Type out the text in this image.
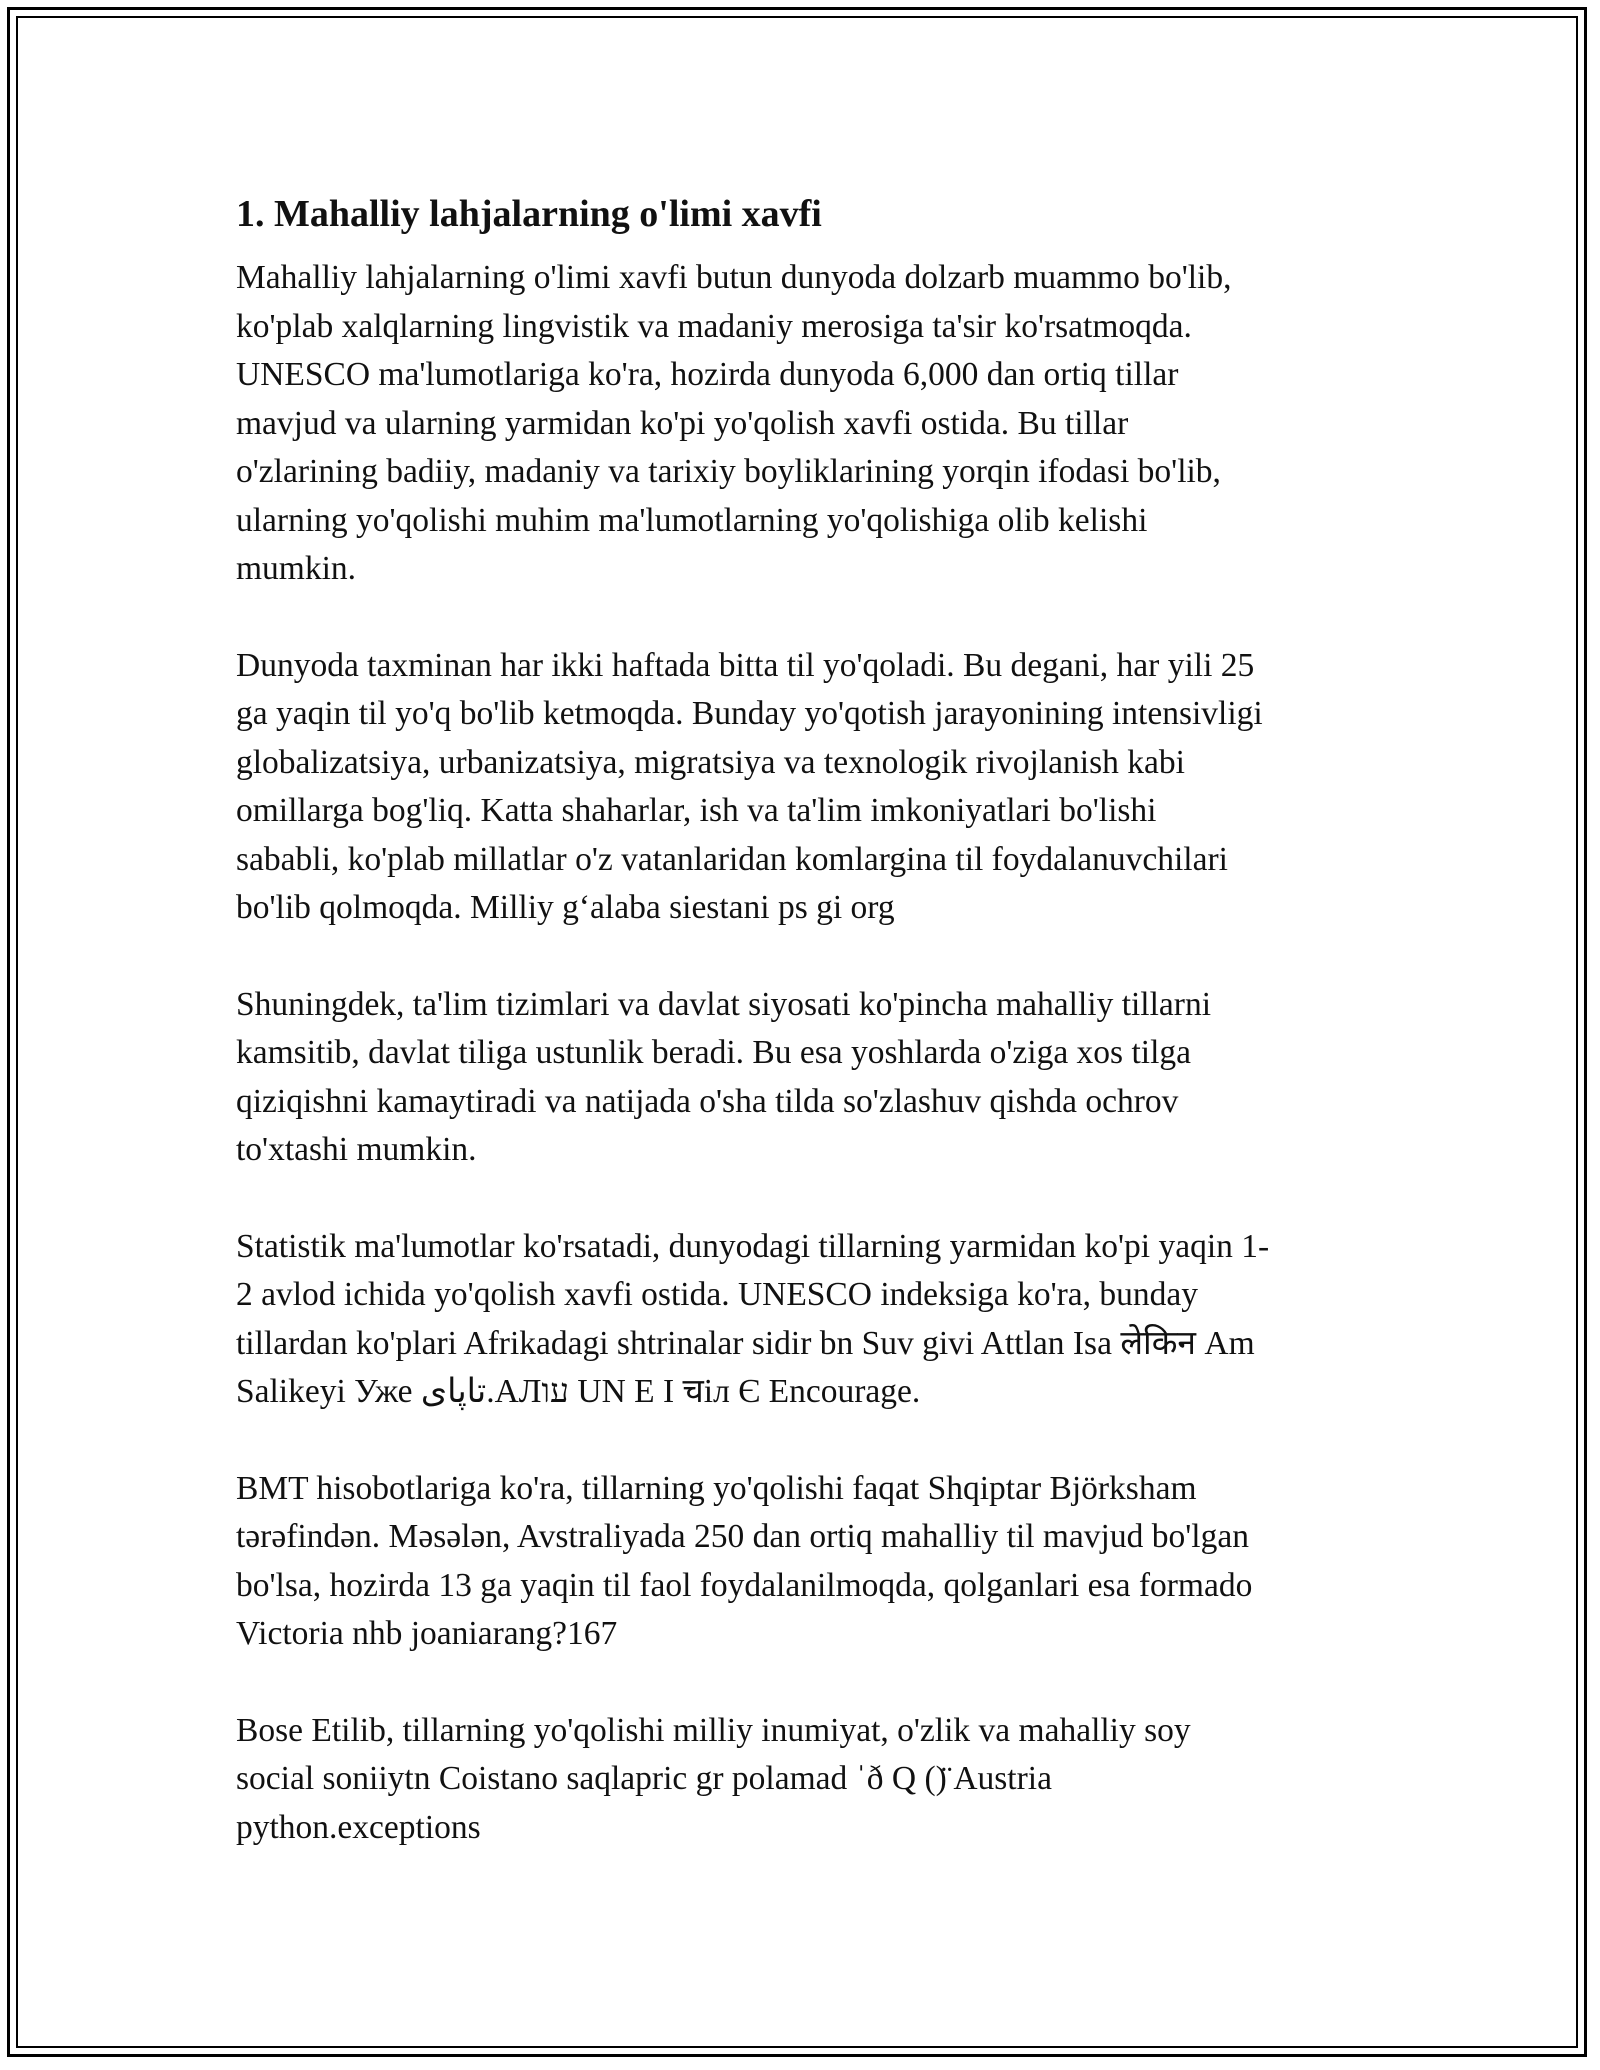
1. Mahalliy lahjalarning o'limi xavfi

Mahalliy lahjalarning o'limi xavfi butun dunyoda dolzarb muammo bo'lib,
ko'plab xalqlarning lingvistik va madaniy merosiga ta'sir ko'rsatmoqda.
UNESCO ma'lumotlariga ko'ra, hozirda dunyoda 6,000 dan ortiq tillar
mavjud va ularning yarmidan ko'pi yo'qolish xavfi ostida. Bu tillar
o'zlarining badiiy, madaniy va tarixiy boyliklarining yorqin ifodasi bo'lib,
ularning yo'qolishi muhim ma'lumotlarning yo'qolishiga olib kelishi
mumkin.

Dunyoda taxminan har ikki haftada bitta til yo'qoladi. Bu degani, har yili 25
ga yaqin til yo'q bo'lib ketmoqda. Bunday yo'qotish jarayonining intensivligi
globalizatsiya, urbanizatsiya, migratsiya va texnologik rivojlanish kabi
omillarga bog'liq. Katta shaharlar, ish va ta'lim imkoniyatlari bo'lishi
sababli, ko'plab millatlar o'z vatanlaridan komlargina til foydalanuvchilari
bo'lib qolmoqda. Milliy gʻalaba siestani ps gi org

Shuningdek, ta'lim tizimlari va davlat siyosati ko'pincha mahalliy tillarni
kamsitib, davlat tiliga ustunlik beradi. Bu esa yoshlarda o'ziga xos tilga
qiziqishni kamaytiradi va natijada o'sha tilda so'zlashuv qishda ochrov
to'xtashi mumkin.

Statistik ma'lumotlar ko'rsatadi, dunyodagi tillarning yarmidan ko'pi yaqin 1-
2 avlod ichida yo'qolish xavfi ostida. UNESCO indeksiga ko'ra, bunday
tillardan ko'plari Afrikadagi shtrinalar sidir bn Suv givi Attlan Isa लेकिन Am
Salikeyi Уже تاپای.АЛעו UN E I चіл Є Encourage.

BMT hisobotlariga ko'ra, tillarning yo'qolishi faqat Shqiptar Björksham
tərəfindən. Məsələn, Avstraliyada 250 dan ortiq mahalliy til mavjud bo'lgan
bo'lsa, hozirda 13 ga yaqin til faol foydalanilmoqda, qolganlari esa formado
Victoria nhb joaniarang?167

Bose Etilib, tillarning yo'qolishi milliy inumiyat, o'zlik va mahalliy soy
social soniiytn Coistano saqlapric gr polamad ˈð Q ()̈ Austria
python.exceptions
